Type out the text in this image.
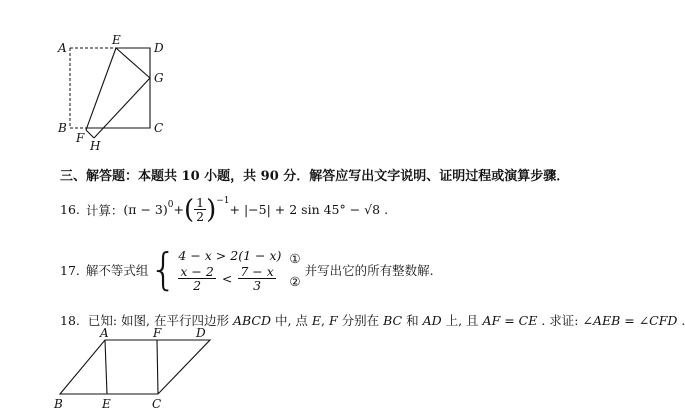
A
E
D
G
B
F
H
C
三、解答题：本题共 10 小题，共 90 分．解答应写出文字说明、证明过程或演算步骤．
16. 计算： $(\pi - 3)^0$ + ( $\frac{1}{2} )^{-1}$
+ |−5| + 2 sin 45° − √8 .
17. 解不等式组 { 4 − x > 2(1 − x)
$\frac{x - 2}{2} < \frac{7 - x}{3}$
①
②
并写出它的所有整数解.
18. 已知: 如图, 在平行四边形 ABCD 中, 点 E, F 分别在 BC 和 AD 上, 且 AF = CE . 求证: ∠AEB = ∠CFD .
A	F	D
B	E	C
